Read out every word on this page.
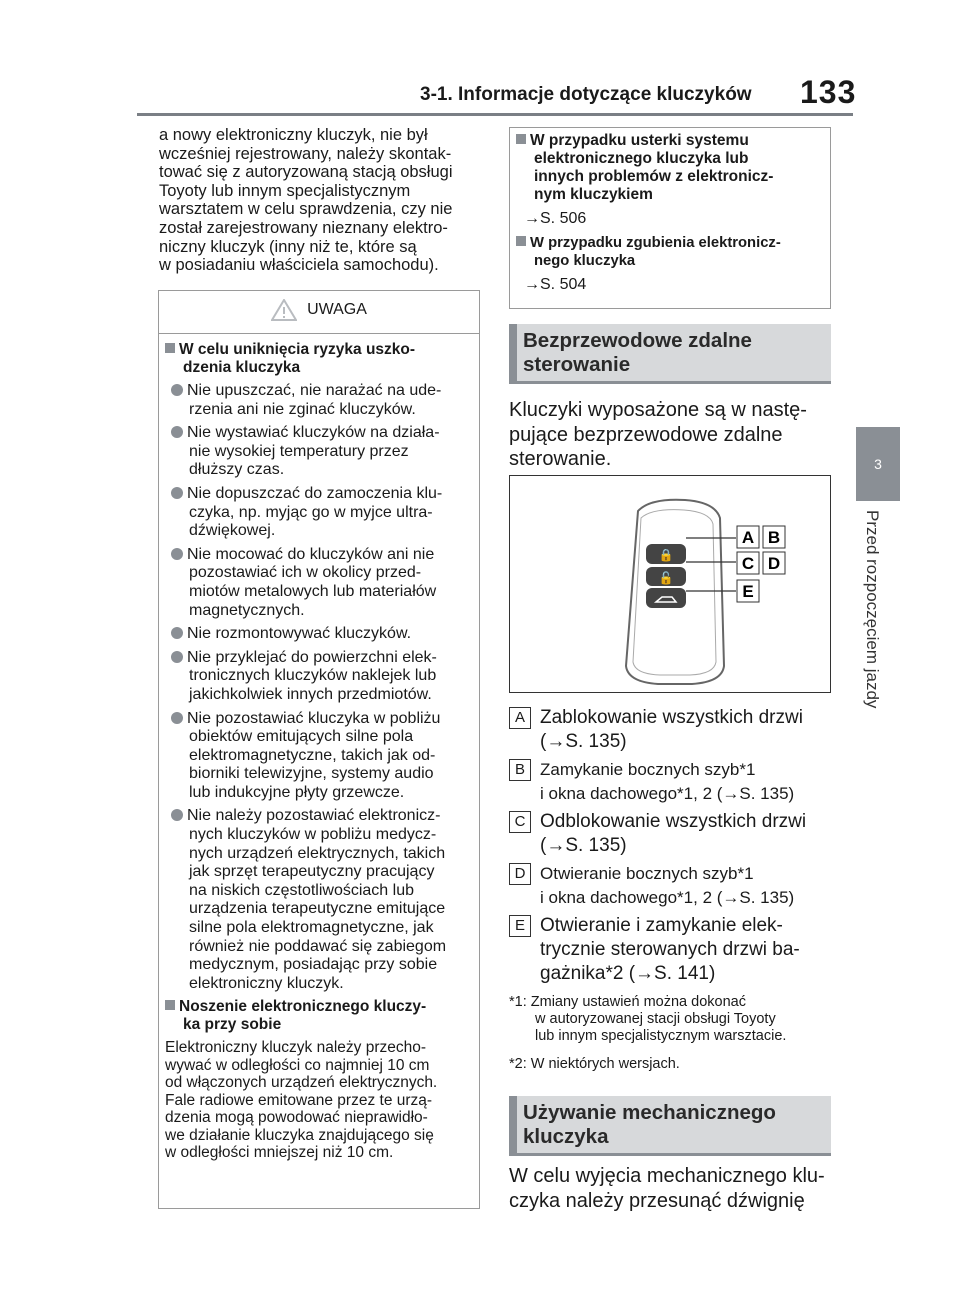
3-1. Informacje dotyczące kluczyków 133
3
Przed rozpoczęciem jazdy
a nowy elektroniczny kluczyk, nie był
wcześniej rejestrowany, należy skontak-
tować się z autoryzowaną stacją obsługi
Toyoty lub innym specjalistycznym
warsztatem w celu sprawdzenia, czy nie
został zarejestrowany nieznany elektro-
niczny kluczyk (inny niż te, które są
w posiadaniu właściciela samochodu).
UWAGA
W celu uniknięcia ryzyka uszko-
dzenia kluczyka
Nie upuszczać, nie narażać na ude-
rzenia ani nie zginać kluczyków.
Nie wystawiać kluczyków na działa-
nie wysokiej temperatury przez
dłuższy czas.
Nie dopuszczać do zamoczenia klu-
czyka, np. myjąc go w myjce ultra-
dźwiękowej.
Nie mocować do kluczyków ani nie
pozostawiać ich w okolicy przed-
miotów metalowych lub materiałów
magnetycznych.
Nie rozmontowywać kluczyków.
Nie przyklejać do powierzchni elek-
tronicznych kluczyków naklejek lub
jakichkolwiek innych przedmiotów.
Nie pozostawiać kluczyka w pobliżu
obiektów emitujących silne pola
elektromagnetyczne, takich jak od-
biorniki telewizyjne, systemy audio
lub indukcyjne płyty grzewcze.
Nie należy pozostawiać elektronicz-
nych kluczyków w pobliżu medycz-
nych urządzeń elektrycznych, takich
jak sprzęt terapeutyczny pracujący
na niskich częstotliwościach lub
urządzenia terapeutyczne emitujące
silne pola elektromagnetyczne, jak
również nie poddawać się zabiegom
medycznym, posiadając przy sobie
elektroniczny kluczyk.
Noszenie elektronicznego kluczy-
ka przy sobie
Elektroniczny kluczyk należy przecho-
wywać w odległości co najmniej 10 cm
od włączonych urządzeń elektrycznych.
Fale radiowe emitowane przez te urzą-
dzenia mogą powodować nieprawidło-
we działanie kluczyka znajdującego się
w odległości mniejszej niż 10 cm.
W przypadku usterki systemu
elektronicznego kluczyka lub
innych problemów z elektronicz-
nym kluczykiem
→S. 506
W przypadku zgubienia elektronicz-
nego kluczyka
→S. 504
Bezprzewodowe zdalne
sterowanie
Kluczyki wyposażone są w nastę-
pujące bezprzewodowe zdalne
sterowanie.
🔒
🔓
A B
C D
E
A Zablokowanie wszystkich drzwi
(→S. 135)
B Zamykanie bocznych szyb*1
i okna dachowego*1, 2 (→S. 135)
C Odblokowanie wszystkich drzwi
(→S. 135)
D Otwieranie bocznych szyb*1
i okna dachowego*1, 2 (→S. 135)
E Otwieranie i zamykanie elek-
trycznie sterowanych drzwi ba-
gażnika*2 (→S. 141)
*1: Zmiany ustawień można dokonać
w autoryzowanej stacji obsługi Toyoty
lub innym specjalistycznym warsztacie.
*2: W niektórych wersjach.
Używanie mechanicznego
kluczyka
W celu wyjęcia mechanicznego klu-
czyka należy przesunąć dźwignię
